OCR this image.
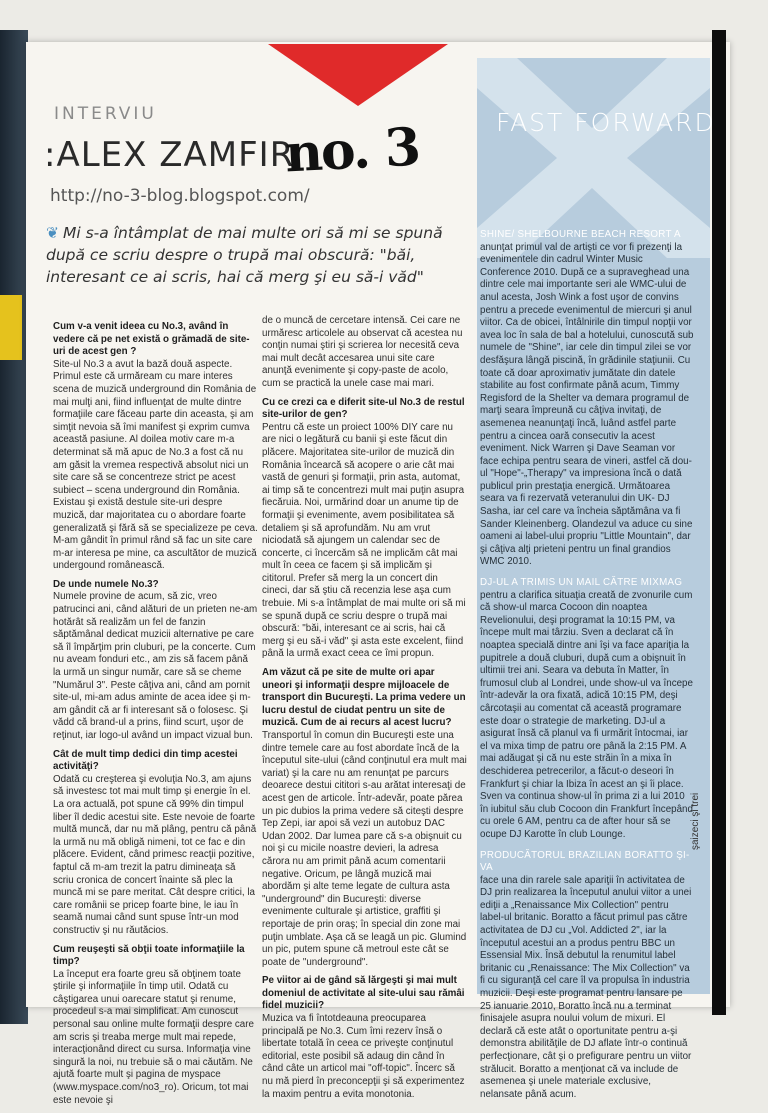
INTERVIU
:ALEX ZAMFIR
no. 3
http://no-3-blog.blogspot.com/
❦ Mi s-a întâmplat de mai multe ori să mi se spună după ce scriu despre o trupă mai obscură: "băi, interesant ce ai scris, hai că merg şi eu să-i văd"
Cum v-a venit ideea cu No.3, având în vedere că pe net există o grămadă de site-uri de acest gen ?

Site-ul No.3 a avut la bază două aspecte. Primul este că urmăream cu mare interes scena de muzică underground din România de mai mulţi ani, fiind influenţat de multe dintre formaţiile care făceau parte din aceasta, şi am simţit nevoia să îmi manifest şi exprim cumva această pasiune. Al doilea motiv care m-a determinat să mă apuc de No.3 a fost că nu am găsit la vremea respectivă absolut nici un site care să se concentreze strict pe acest subiect – scena underground din România. Existau şi există destule site-uri despre muzică, dar majoritatea cu o abordare foarte generalizată şi fără să se specializeze pe ceva. M-am gândit în primul rând să fac un site care m-ar interesa pe mine, ca ascultător de muzică undergound românească.

De unde numele No.3?

Numele provine de acum, să zic, vreo patrucinci ani, când alături de un prieten ne-am hotărât să realizăm un fel de fanzin săptămânal dedicat muzicii alternative pe care să îl împărţim prin cluburi, pe la concerte. Cum nu aveam fonduri etc., am zis să facem până la urmă un singur număr, care să se cheme "Numărul 3". Peste câţiva ani, când am pornit site-ul, mi-am adus aminte de acea idee şi m-am gândit că ar fi interesant să o folosesc. Şi vădd că brand-ul a prins, fiind scurt, uşor de reţinut, iar logo-ul având un impact vizual bun.

Cât de mult timp dedici din timp acestei activităţi?

Odată cu creşterea şi evoluţia No.3, am ajuns să investesc tot mai mult timp şi energie în el. La ora actuală, pot spune că 99% din timpul liber îl dedic acestui site. Este nevoie de foarte multă muncă, dar nu mă plâng, pentru că până la urmă nu mă obligă nimeni, tot ce fac e din plăcere. Evident, când primesc reacţii pozitive, faptul că m-am trezit la patru dimineaţa să scriu cronica de concert înainte să plec la muncă mi se pare meritat. Cât despre critici, la care românii se pricep foarte bine, le iau în seamă numai când sunt spuse într-un mod constructiv şi nu răutăcios.

Cum reuşeşti să obţii toate informaţiile la timp?

La început era foarte greu să obţinem toate ştirile şi informaţiile în timp util. Odată cu câştigarea unui oarecare statut şi renume, procedeul s-a mai simplificat. Am cunoscut personal sau online multe formaţii despre care am scris şi treaba merge mult mai repede, interacţionând direct cu sursa. Informaţia vine singură la noi, nu trebuie să o mai căutăm. Ne ajută foarte mult şi pagina de myspace (www.myspace.com/no3_ro). Oricum, tot mai este nevoie şi

de o muncă de cercetare intensă. Cei care ne urmăresc articolele au observat că acestea nu conţin numai ştiri şi scrierea lor necesită ceva mai mult decât accesarea unui site care anunţă evenimente şi copy-paste de acolo, cum se practică la unele case mai mari.

Cu ce crezi ca e diferit site-ul No.3 de restul site-urilor de gen?

Pentru că este un proiect 100% DIY care nu are nici o legătură cu banii şi este făcut din plăcere. Majoritatea site-urilor de muzică din România încearcă să acopere o arie cât mai vastă de genuri şi formaţii, prin asta, automat, ai timp să te concentrezi mult mai puţin asupra fiecăruia. Noi, urmărind doar un anume tip de formaţii şi evenimente, avem posibilitatea să detaliem şi să aprofundăm. Nu am vrut niciodată să ajungem un calendar sec de concerte, ci încercăm să ne implicăm cât mai mult în ceea ce facem şi să implicăm şi cititorul. Prefer să merg la un concert din cineci, dar să ştiu că recenzia lese aşa cum trebuie. Mi s-a întâmplat de mai multe ori să mi se spună după ce scriu despre o trupă mai obscură: "băi, interesant ce ai scris, hai că merg şi eu să-i văd" şi asta este excelent, fiind până la urmă exact ceea ce îmi propun.

Am văzut că pe site de multe ori apar uneori şi informaţii despre mijloacele de transport din Bucureşti. La prima vedere un lucru destul de ciudat pentru un site de muzică. Cum de ai recurs al acest lucru?

Transportul în comun din Bucureşti este una dintre temele care au fost abordate încă de la începutul site-ului (când conţinutul era mult mai variat) şi la care nu am renunţat pe parcurs deoarece destui cititori s-au arătat interesaţi de acest gen de articole. Într-adevăr, poate părea un pic dubios la prima vedere să citeşti despre Tep Zepi, iar apoi să vezi un autobuz DAC Udan 2002. Dar lumea pare că s-a obişnuit cu noi şi cu micile noastre devieri, la adresa cărora nu am primit până acum comentarii negative. Oricum, pe lângă muzică mai abordăm şi alte teme legate de cultura asta "underground" din Bucureşti: diverse evenimente culturale şi artistice, graffiti şi reportaje de prin oraş; în special din zone mai puţin umblate. Aşa că se leagă un pic. Glumind un pic, putem spune că metroul este cât se poate de "underground".

Pe viitor ai de gând să lărgeşti şi mai mult domeniul de activitate al site-ului sau rămâi fidel muzicii?

Muzica va fi întotdeauna preocuparea principală pe No.3. Cum îmi rezerv însă o libertate totală în ceea ce priveşte conţinutul editorial, este posibil să adaug din când în când câte un articol mai "off-topic". Încerc să nu mă pierd în preconcepţii şi să experimentez la maxim pentru a evita monotonia.

FAST FORWARD
SHINE/ SHELBOURNE BEACH RESORT A

anunţat primul val de artişti ce vor fi prezenţi la evenimentele din cadrul Winter Music Conference 2010. După ce a supraveghead una dintre cele mai importante seri ale WMC-ului de anul acesta, Josh Wink a fost uşor de convins pentru a precede evenimentul de miercuri şi anul viitor. Ca de obicei, întâlnirile din timpul nopţii vor avea loc în sala de bal a hotelului, cunoscută sub numele de "Shine", iar cele din timpul zilei se vor desfăşura lângă piscină, în grădinile staţiunii. Cu toate că doar aproximativ jumătate din datele stabilite au fost confirmate până acum, Timmy Regisford de la Shelter va demara programul de marţi seara împreună cu câţiva invitaţi, de asemenea neanunţaţi încă, luând astfel parte pentru a cincea oară consecutiv la acest eveniment. Nick Warren şi Dave Seaman vor face echipa pentru seara de vineri, astfel că dou-ul "Hope"-„Therapy" va impresiona încă o dată publicul prin prestaţia energică. Următoarea seara va fi rezervată veteranului din UK- DJ Sasha, iar cel care va încheia săptămâna va fi Sander Kleinenberg. Olandezul va aduce cu sine oameni ai label-ului propriu "Little Mountain", dar şi câţiva alţi prieteni pentru un final grandios WMC 2010.

DJ-UL A TRIMIS UN MAIL CĂTRE MIXMAG

pentru a clarifica situaţia creată de zvonurile cum că show-ul marca Cocoon din noaptea Revelionului, deşi programat la 10:15 PM, va începe mult mai târziu. Sven a declarat că în noaptea specială dintre ani îşi va face apariţia la pupitrele a două cluburi, după cum a obişnuit în ultimii trei ani. Seara va debuta în Matter, în frumosul club al Londrei, unde show-ul va începe într-adevăr la ora fixată, adică 10:15 PM, deşi cârcotaşii au comentat că această programare este doar o strategie de marketing. DJ-ul a asigurat însă că planul va fi urmărit întocmai, iar el va mixa timp de patru ore până la 2:15 PM. A mai adăugat şi că nu este străin în a mixa în deschiderea petrecerilor, a făcut-o deseori în Frankfurt şi chiar la Ibiza în acest an şi îi place. Sven va continua show-ul în prima zi a lui 2010 în iubitul său club Cocoon din Frankfurt începând cu orele 6 AM, pentru ca de after hour să se ocupe DJ Karotte în club Lounge.

PRODUCĂTORUL BRAZILIAN BORATTO ŞI-VA

face una din rarele sale apariţii în activitatea de DJ prin realizarea la începutul anului viitor a unei ediţii a „Renaissance Mix Collection" pentru label-ul britanic. Boratto a făcut primul pas către activitatea de DJ cu „Vol. Addicted 2", iar la începutul acestui an a produs pentru BBC un Essensial Mix. Însă debutul la renumitul label britanic cu „Renaissance: The Mix Collection" va fi cu siguranţă cel care îl va propulsa în industria muzicii. Deşi este programat pentru lansare pe 25 ianuarie 2010, Boratto încă nu a terminat finisajele asupra noului volum de mixuri. El declară că este atât o oportunitate pentru a-şi demonstra abilităţile de DJ aflate într-o continuă perfecţionare, cât şi o prefigurare pentru un viitor strălucit. Boratto a menţionat că va include de asemenea şi unele materiale exclusive, nelansate până acum.

şaizeci şi trei
